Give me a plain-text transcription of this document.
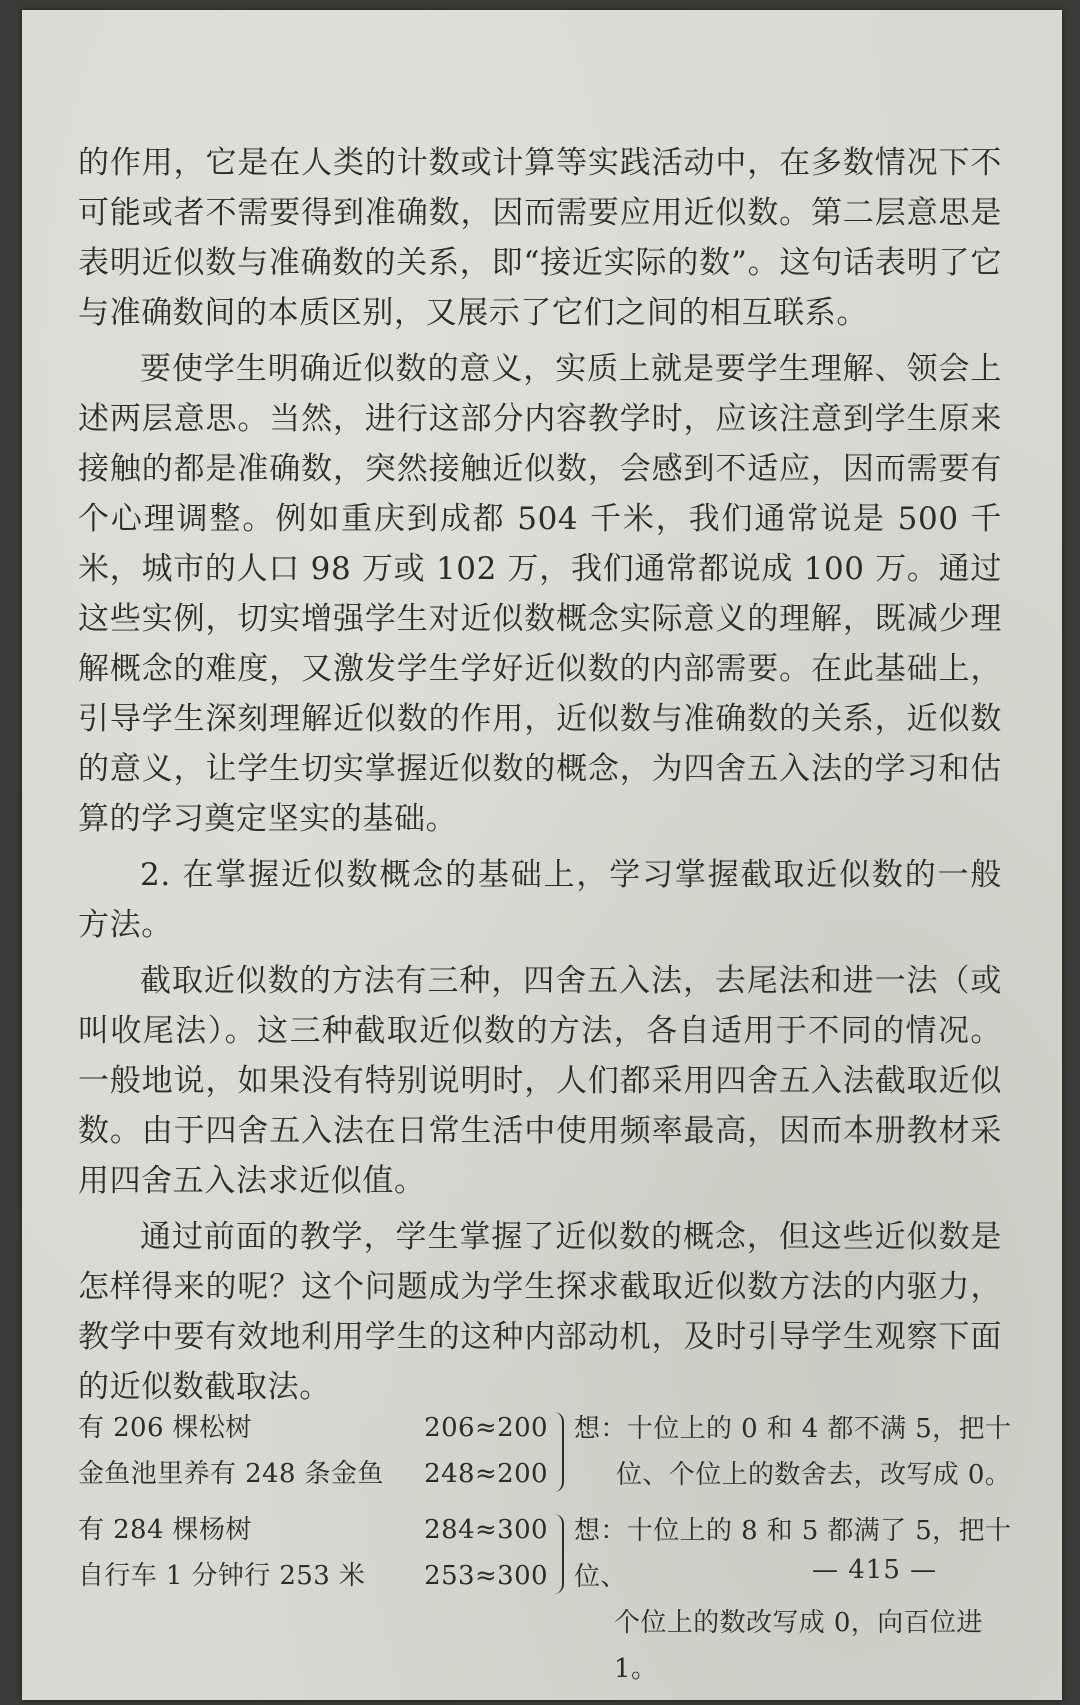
的作用，它是在人类的计数或计算等实践活动中，在多数情况下不可能或者不需要得到准确数，因而需要应用近似数。第二层意思是表明近似数与准确数的关系，即“接近实际的数”。这句话表明了它与准确数间的本质区别，又展示了它们之间的相互联系。

要使学生明确近似数的意义，实质上就是要学生理解、领会上述两层意思。当然，进行这部分内容教学时，应该注意到学生原来接触的都是准确数，突然接触近似数，会感到不适应，因而需要有个心理调整。例如重庆到成都 504 千米，我们通常说是 500 千米，城市的人口 98 万或 102 万，我们通常都说成 100 万。通过这些实例，切实增强学生对近似数概念实际意义的理解，既减少理解概念的难度，又激发学生学好近似数的内部需要。在此基础上，引导学生深刻理解近似数的作用，近似数与准确数的关系，近似数的意义，让学生切实掌握近似数的概念，为四舍五入法的学习和估算的学习奠定坚实的基础。

2. 在掌握近似数概念的基础上，学习掌握截取近似数的一般方法。

截取近似数的方法有三种，四舍五入法，去尾法和进一法（或叫收尾法）。这三种截取近似数的方法，各自适用于不同的情况。一般地说，如果没有特别说明时，人们都采用四舍五入法截取近似数。由于四舍五入法在日常生活中使用频率最高，因而本册教材采用四舍五入法求近似值。

通过前面的教学，学生掌握了近似数的概念，但这些近似数是怎样得来的呢？这个问题成为学生探求截取近似数方法的内驱力，教学中要有效地利用学生的这种内部动机，及时引导学生观察下面的近似数截取法。

有 206 棵松树	206≈200
金鱼池里养有 248 条金鱼 248≈200
想：十位上的 0 和 4 都不满 5，把十
位、个位上的数舍去，改写成 0。
有 284 棵杨树	284≈300
自行车 1 分钟行 253 米 253≈300
想：十位上的 8 和 5 都满了 5，把十位、
个位上的数改写成 0，向百位进 1。
— 415 —
